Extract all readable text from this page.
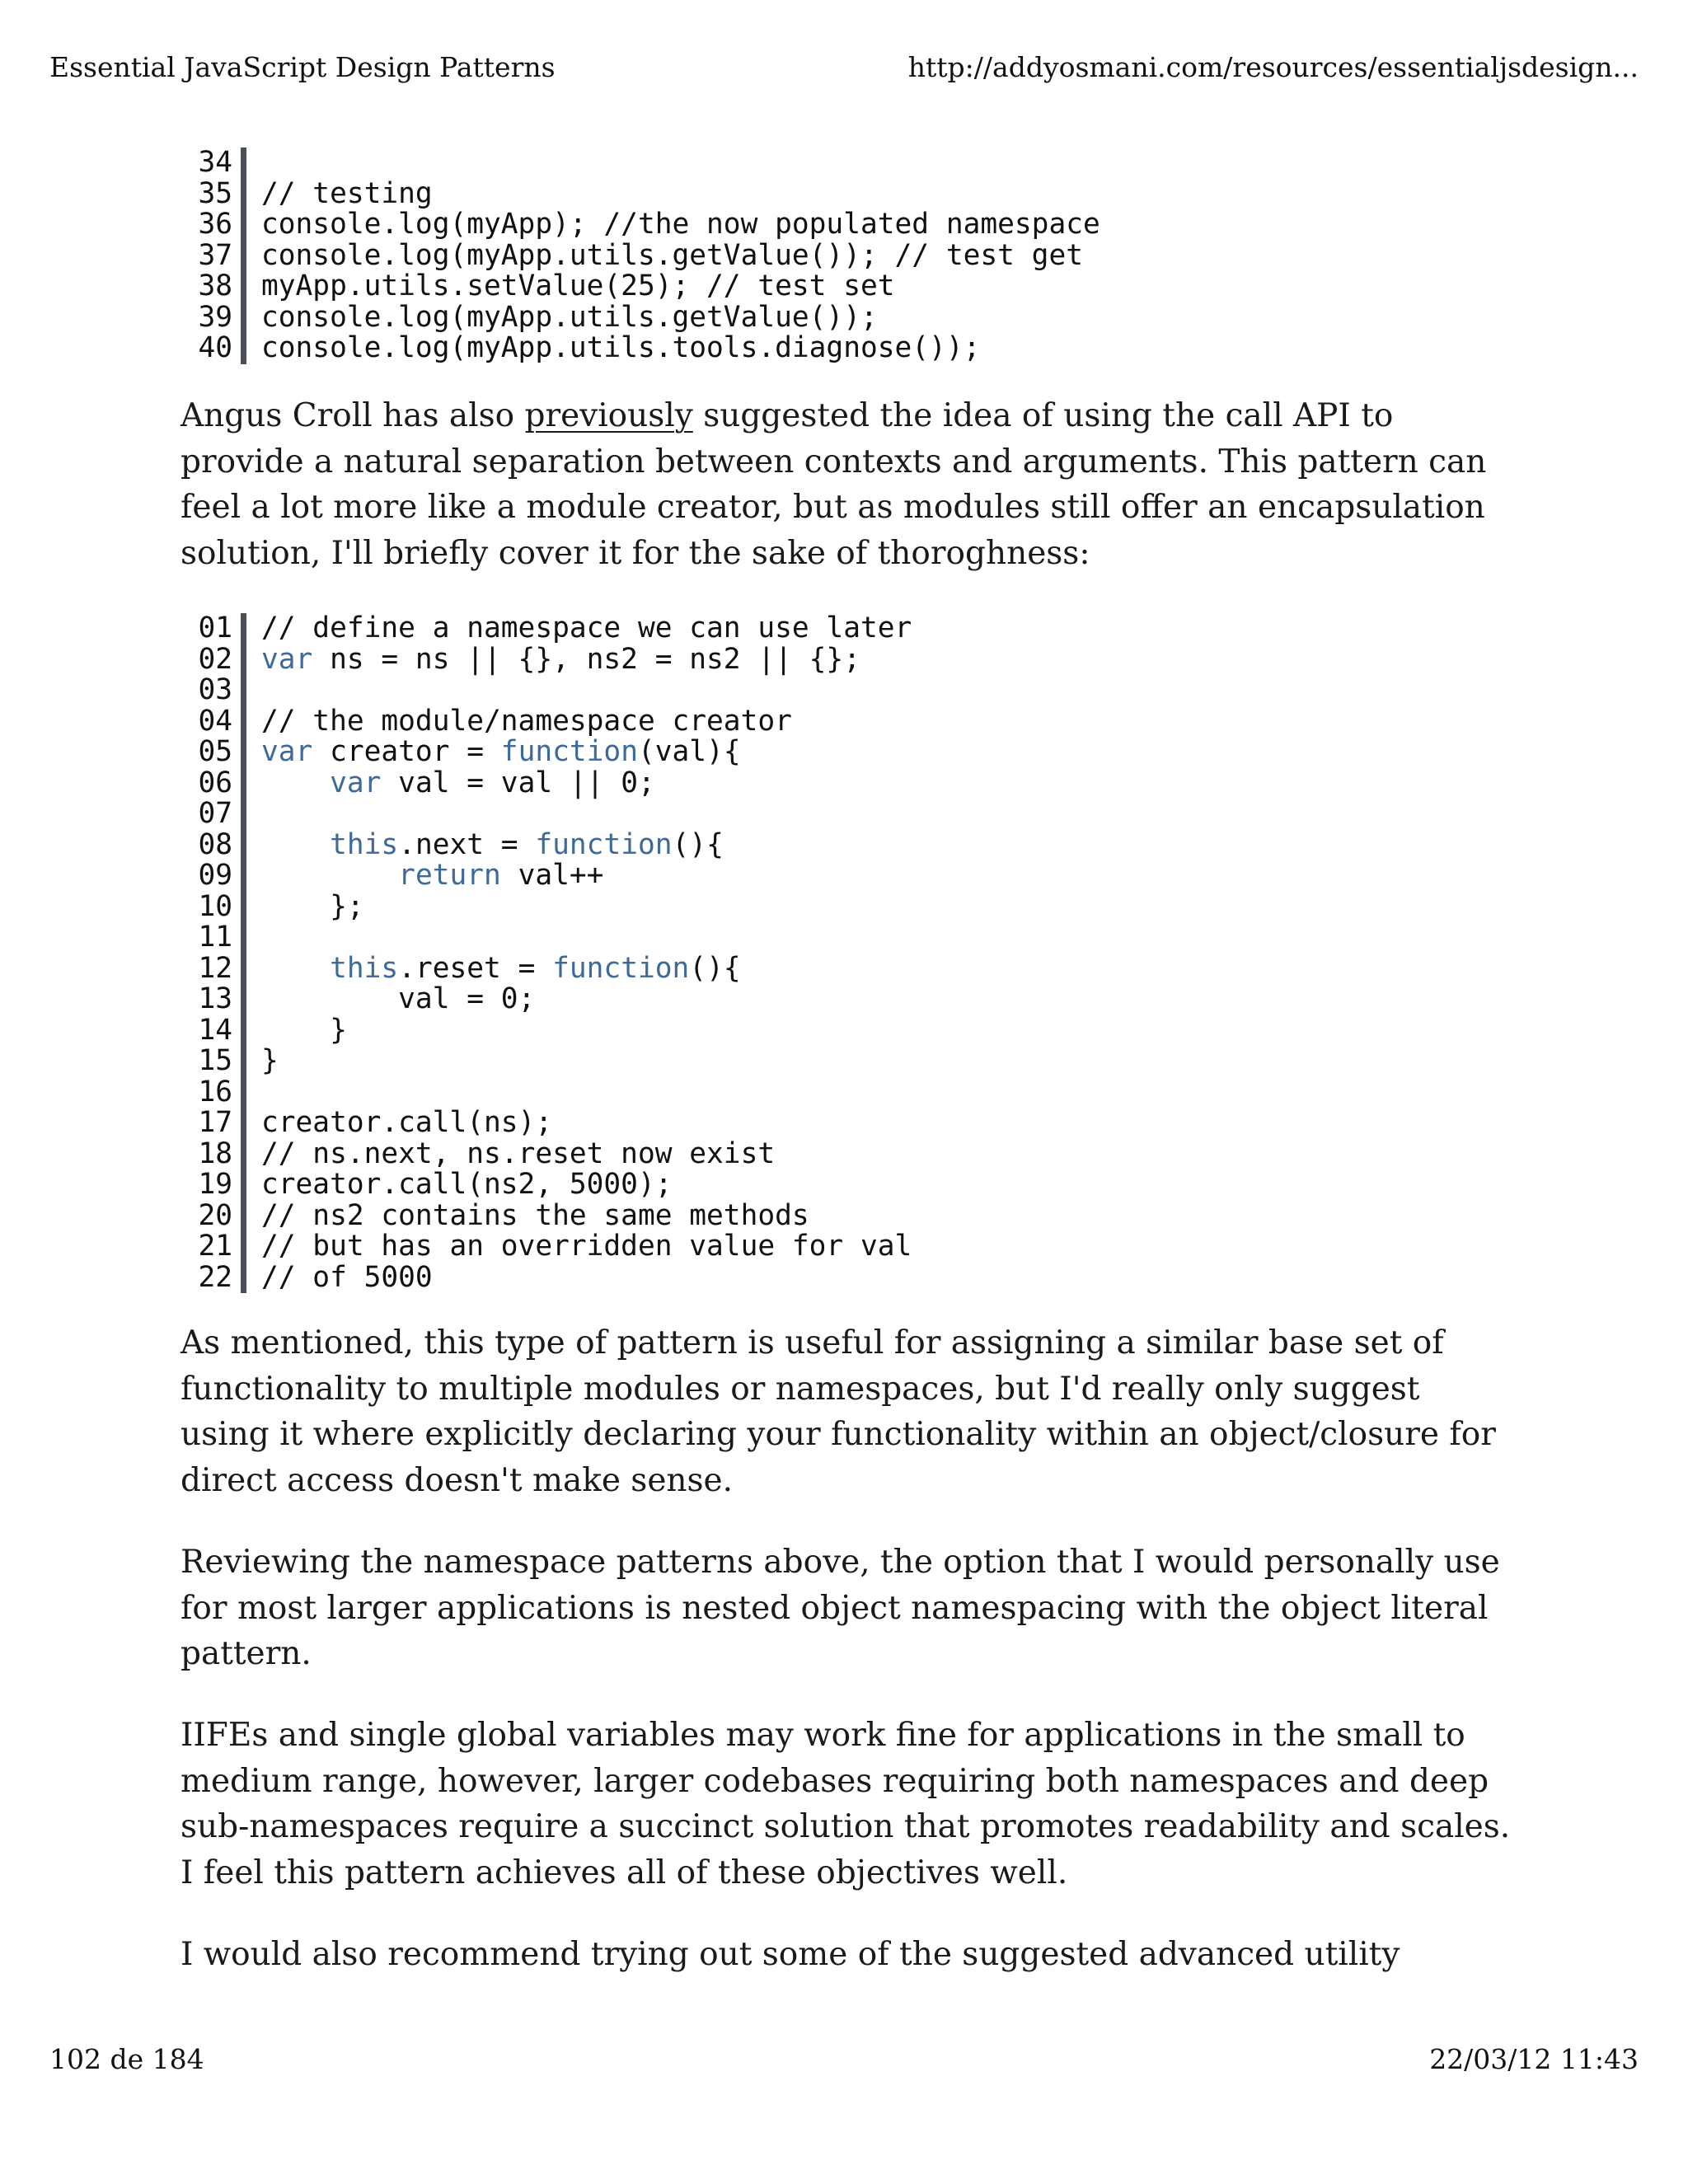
Essential JavaScript Design Patterns	http://addyosmani.com/resources/essentialjsdesign...
34
35	// testing
36	console.log(myApp); //the now populated namespace
37	console.log(myApp.utils.getValue()); // test get
38	myApp.utils.setValue(25); // test set
39	console.log(myApp.utils.getValue());
40	console.log(myApp.utils.tools.diagnose());

Angus Croll has also previously suggested the idea of using the call API to provide a natural separation between contexts and arguments. This pattern can feel a lot more like a module creator, but as modules still offer an encapsulation solution, I'll briefly cover it for the sake of thoroghness:

01	// define a namespace we can use later
02	var ns = ns || {}, ns2 = ns2 || {};
03
04	// the module/namespace creator
05	var creator = function(val){
06	var val = val || 0;
07
08	this.next = function(){
09	return val++
10	};
11
12	this.reset = function(){
13	val = 0;
14	}
15	}
16
17	creator.call(ns);
18	// ns.next, ns.reset now exist
19	creator.call(ns2, 5000);
20	// ns2 contains the same methods
21	// but has an overridden value for val
22	// of 5000

As mentioned, this type of pattern is useful for assigning a similar base set of functionality to multiple modules or namespaces, but I'd really only suggest using it where explicitly declaring your functionality within an object/closure for direct access doesn't make sense.

Reviewing the namespace patterns above, the option that I would personally use for most larger applications is nested object namespacing with the object literal pattern.

IIFEs and single global variables may work fine for applications in the small to medium range, however, larger codebases requiring both namespaces and deep sub-namespaces require a succinct solution that promotes readability and scales. I feel this pattern achieves all of these objectives well.

I would also recommend trying out some of the suggested advanced utility

102 de 184	22/03/12 11:43
